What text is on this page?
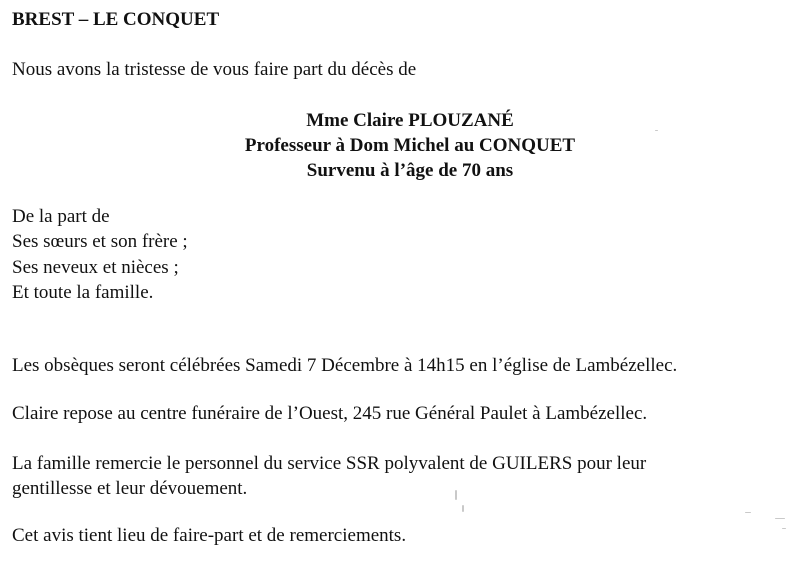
BREST – LE CONQUET
Nous avons la tristesse de vous faire part du décès de
Mme Claire PLOUZANÉ
Professeur à Dom Michel au CONQUET
Survenu à l’âge de 70 ans
De la part de
Ses sœurs et son frère ;
Ses neveux et nièces ;
Et toute la famille.
Les obsèques seront célébrées Samedi 7 Décembre à 14h15 en l’église de Lambézellec.
Claire repose au centre funéraire de l’Ouest, 245 rue Général Paulet à Lambézellec.
La famille remercie le personnel du service SSR polyvalent de GUILERS pour leur
gentillesse et leur dévouement.
Cet avis tient lieu de faire-part et de remerciements.
